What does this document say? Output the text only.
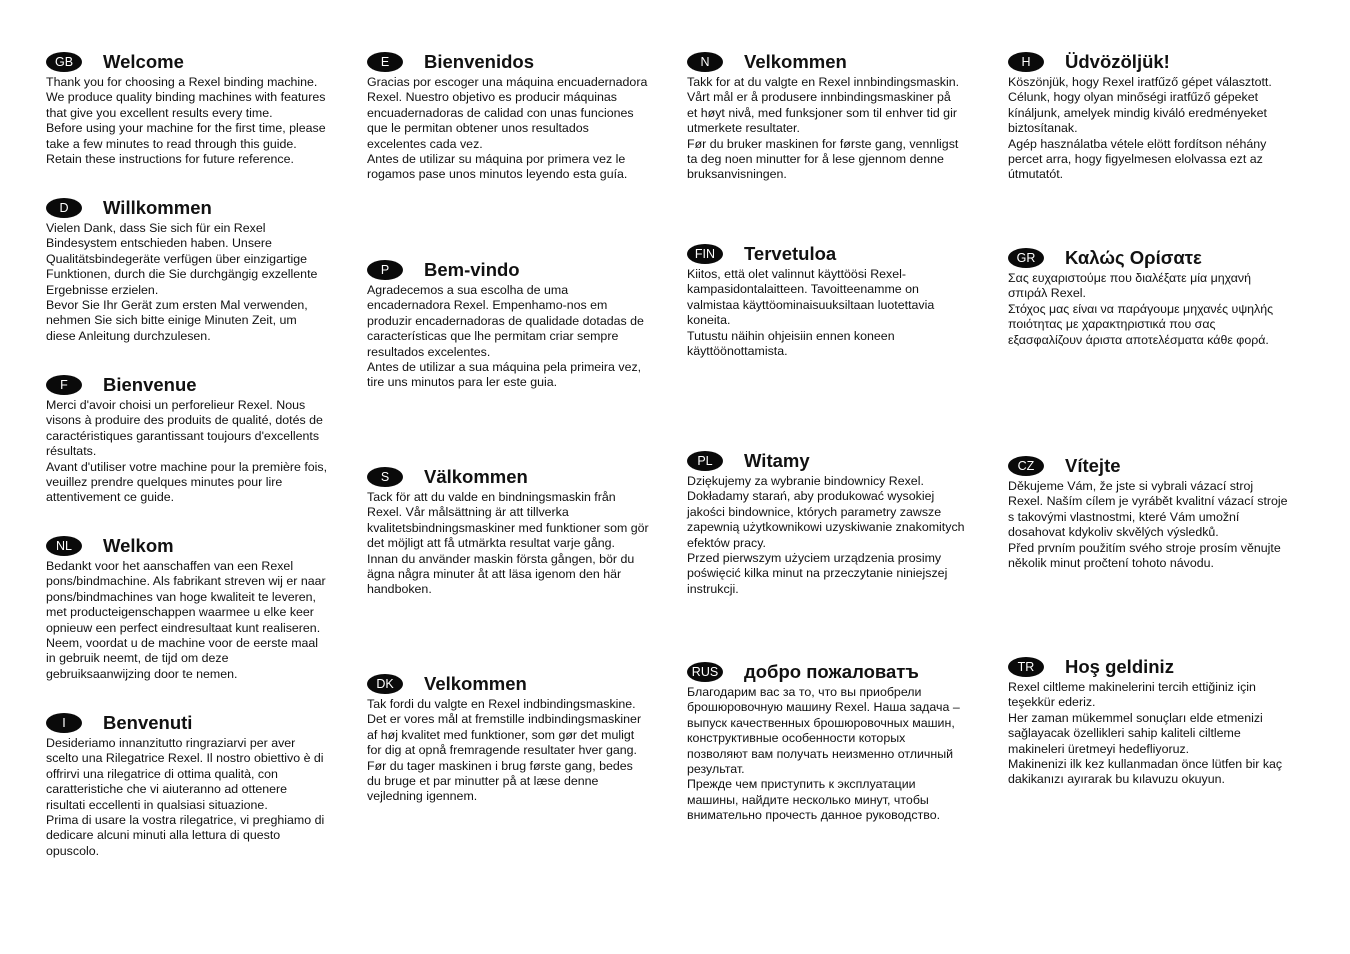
GB	Welcome
Thank you for choosing a Rexel binding machine.
We produce quality binding machines with features
that give you excellent results every time.
Before using your machine for the first time, please
take a few minutes to read through this guide.
Retain these instructions for future reference.
D	Willkommen
Vielen Dank, dass Sie sich für ein Rexel
Bindesystem entschieden haben. Unsere
Qualitätsbindegeräte verfügen über einzigartige
Funktionen, durch die Sie durchgängig exzellente
Ergebnisse erzielen.
Bevor Sie Ihr Gerät zum ersten Mal verwenden,
nehmen Sie sich bitte einige Minuten Zeit, um
diese Anleitung durchzulesen.
F	Bienvenue
Merci d'avoir choisi un perforelieur Rexel. Nous
visons à produire des produits de qualité, dotés de
caractéristiques garantissant toujours d'excellents
résultats.
Avant d'utiliser votre machine pour la première fois,
veuillez prendre quelques minutes pour lire
attentivement ce guide.
NL	Welkom
Bedankt voor het aanschaffen van een Rexel
pons/bindmachine. Als fabrikant streven wij er naar
pons/bindmachines van hoge kwaliteit te leveren,
met producteigenschappen waarmee u elke keer
opnieuw een perfect eindresultaat kunt realiseren.
Neem, voordat u de machine voor de eerste maal
in gebruik neemt, de tijd om deze
gebruiksaanwijzing door te nemen.
I	Benvenuti
Desideriamo innanzitutto ringraziarvi per aver
scelto una Rilegatrice Rexel. Il nostro obiettivo è di
offrirvi una rilegatrice di ottima qualità, con
caratteristiche che vi aiuteranno ad ottenere
risultati eccellenti in qualsiasi situazione.
Prima di usare la vostra rilegatrice, vi preghiamo di
dedicare alcuni minuti alla lettura di questo
opuscolo.
E	Bienvenidos
Gracias por escoger una máquina encuadernadora
Rexel. Nuestro objetivo es producir máquinas
encuadernadoras de calidad con unas funciones
que le permitan obtener unos resultados
excelentes cada vez.
Antes de utilizar su máquina por primera vez le
rogamos pase unos minutos leyendo esta guía.
P	Bem-vindo
Agradecemos a sua escolha de uma
encadernadora Rexel. Empenhamo-nos em
produzir encadernadoras de qualidade dotadas de
características que lhe permitam criar sempre
resultados excelentes.
Antes de utilizar a sua máquina pela primeira vez,
tire uns minutos para ler este guia.
S	Välkommen
Tack för att du valde en bindningsmaskin från
Rexel. Vår målsättning är att tillverka
kvalitetsbindningsmaskiner med funktioner som gör
det möjligt att få utmärkta resultat varje gång.
Innan du använder maskin första gången, bör du
ägna några minuter åt att läsa igenom den här
handboken.
DK	Velkommen
Tak fordi du valgte en Rexel indbindingsmaskine.
Det er vores mål at fremstille indbindingsmaskiner
af høj kvalitet med funktioner, som gør det muligt
for dig at opnå fremragende resultater hver gang.
Før du tager maskinen i brug første gang, bedes
du bruge et par minutter på at læse denne
vejledning igennem.
N	Velkommen
Takk for at du valgte en Rexel innbindingsmaskin.
Vårt mål er å produsere innbindingsmaskiner på
et høyt nivå, med funksjoner som til enhver tid gir
utmerkete resultater.
Før du bruker maskinen for første gang, vennligst
ta deg noen minutter for å lese gjennom denne
bruksanvisningen.
FIN	Tervetuloa
Kiitos, että olet valinnut käyttöösi Rexel-
kampasidontalaitteen. Tavoitteenamme on
valmistaa käyttöominaisuuksiltaan luotettavia
koneita.
Tutustu näihin ohjeisiin ennen koneen
käyttöönottamista.
PL	Witamy
Dziękujemy za wybranie bindownicy Rexel.
Dokładamy starań, aby produkować wysokiej
jakości bindownice, których parametry zawsze
zapewnią użytkownikowi uzyskiwanie znakomitych
efektów pracy.
Przed pierwszym użyciem urządzenia prosimy
poświęcić kilka minut na przeczytanie niniejszej
instrukcji.
RUS добро пожаловатъ
Благодарим вас за то, что вы приобрели
брошюровочную машину Rexel. Наша задача –
выпуск качественных брошюровочных машин,
конструктивные особенности которых
позволяют вам получать неизменно отличный
результат.
Прежде чем приступить к эксплуатации
машины, найдите несколько минут, чтобы
внимательно прочесть данное руководство.
H	Üdvözöljük!
Köszönjük, hogy Rexel iratfűző gépet választott.
Célunk, hogy olyan minőségi iratfűző gépeket
kínáljunk, amelyek mindig kiváló eredményeket
biztosítanak.
Agép használatba vétele elött fordítson néhány
percet arra, hogy figyelmesen elolvassa ezt az
útmutatót.
GR	Καλώς Ορίσατε
Σας ευχαριστούμε που διαλέξατε μία μηχανή
σπιράλ Rexel.
Στόχος μας είναι να παράγουμε μηχανές υψηλής
ποιότητας με χαρακτηριστικά που σας
εξασφαλίζουν άριστα αποτελέσματα κάθε φορά.
CZ	Vítejte
Děkujeme Vám, že jste si vybrali vázací stroj
Rexel. Naším cílem je vyrábět kvalitní vázací stroje
s takovými vlastnostmi, které Vám umožní
dosahovat kdykoliv skvělých výsledků.
Před prvním použitím svého stroje prosím věnujte
několik minut pročtení tohoto návodu.
TR	Hoş geldiniz
Rexel ciltleme makinelerini tercih ettiğiniz için
teşekkür ederiz.
Her zaman mükemmel sonuçları elde etmenizi
sağlayacak özellikleri sahip kaliteli ciltleme
makineleri üretmeyi hedefliyoruz.
Makinenizi ilk kez kullanmadan önce lütfen bir kaç
dakikanızı ayırarak bu kılavuzu okuyun.
